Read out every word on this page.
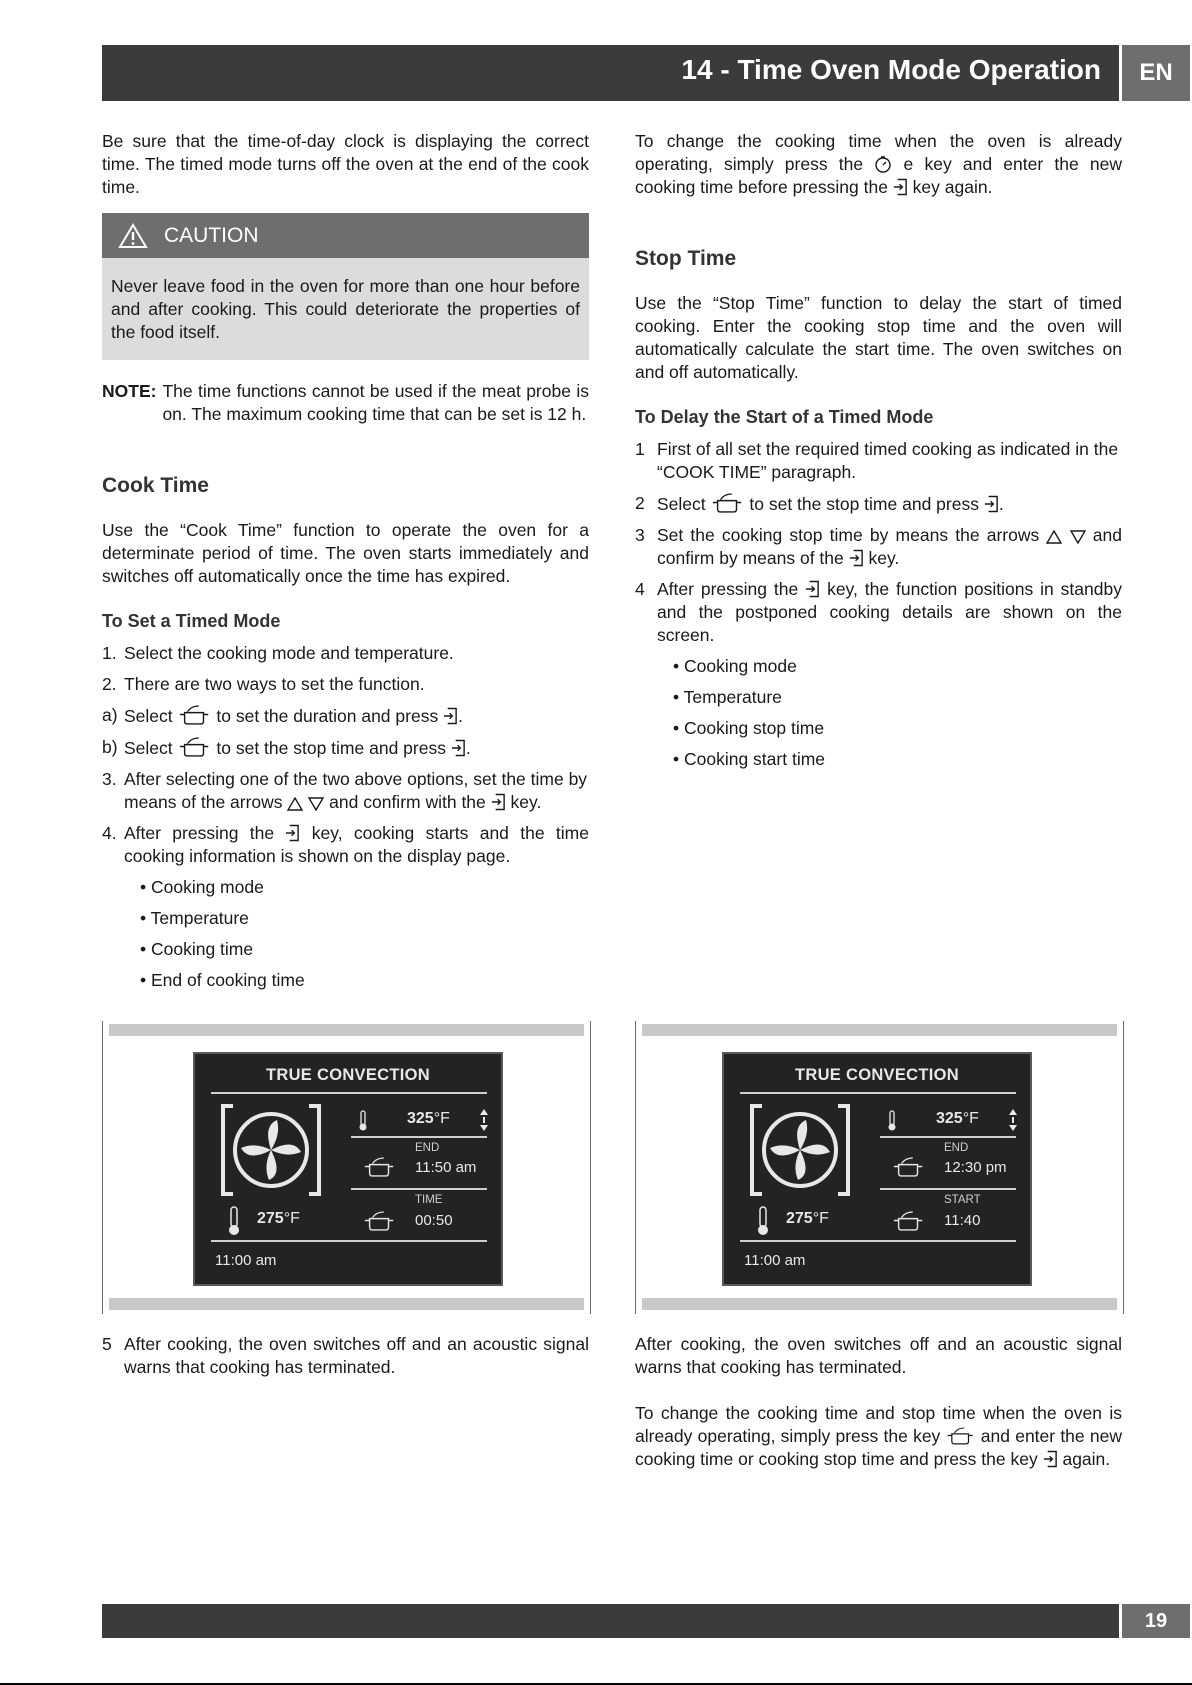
14 - Time Oven Mode Operation	EN

Be sure that the time-of-day clock is displaying the correct time. The timed mode turns off the oven at the end of the cook time.

CAUTION
Never leave food in the oven for more than one hour before and after cooking. This could deteriorate the properties of the food itself.
NOTE: The time functions cannot be used if the meat probe is on. The maximum cooking time that can be set is 12 h.

Cook Time

Use the “Cook Time” function to operate the oven for a determinate period of time. The oven starts immediately and switches off automatically once the time has expired.

To Set a Timed Mode

1. Select the cooking mode and temperature.
2. There are two ways to set the function.
a) Select	to set the duration and press .
b) Select	to set the stop time and press .
3. After selecting one of the two above options, set the time by means of the arrows	and confirm with the key.
4. After pressing the key, cooking starts and the time cooking information is shown on the display page.
• Cooking mode
• Temperature
• Cooking time
• End of cooking time

To change the cooking time when the oven is already operating, simply press the e key and enter the new cooking time before pressing the key again.

Stop Time

Use the “Stop Time” function to delay the start of timed cooking. Enter the cooking stop time and the oven will automatically calculate the start time. The oven switches on and off automatically.

To Delay the Start of a Timed Mode

1 First of all set the required timed cooking as indicated in the “COOK TIME” paragraph.
2 Select	to set the stop time and press .
3 Set the cooking stop time by means the arrows	and confirm by means of the key.
4 After pressing the key, the function positions in standby and the postponed cooking details are shown on the screen.
• Cooking mode
• Temperature
• Cooking stop time
• Cooking start time
TRUE CONVECTION
325°F
END
11:50 am
TIME
00:50
275°F
11:00 am
TRUE CONVECTION
325°F
END
12:30 pm
START
11:40
275°F
11:00 am
5 After cooking, the oven switches off and an acoustic signal warns that cooking has terminated.

After cooking, the oven switches off and an acoustic signal warns that cooking has terminated.

To change the cooking time and stop time when the oven is already operating, simply press the key and enter the new cooking time or cooking stop time and press the key again.

19
